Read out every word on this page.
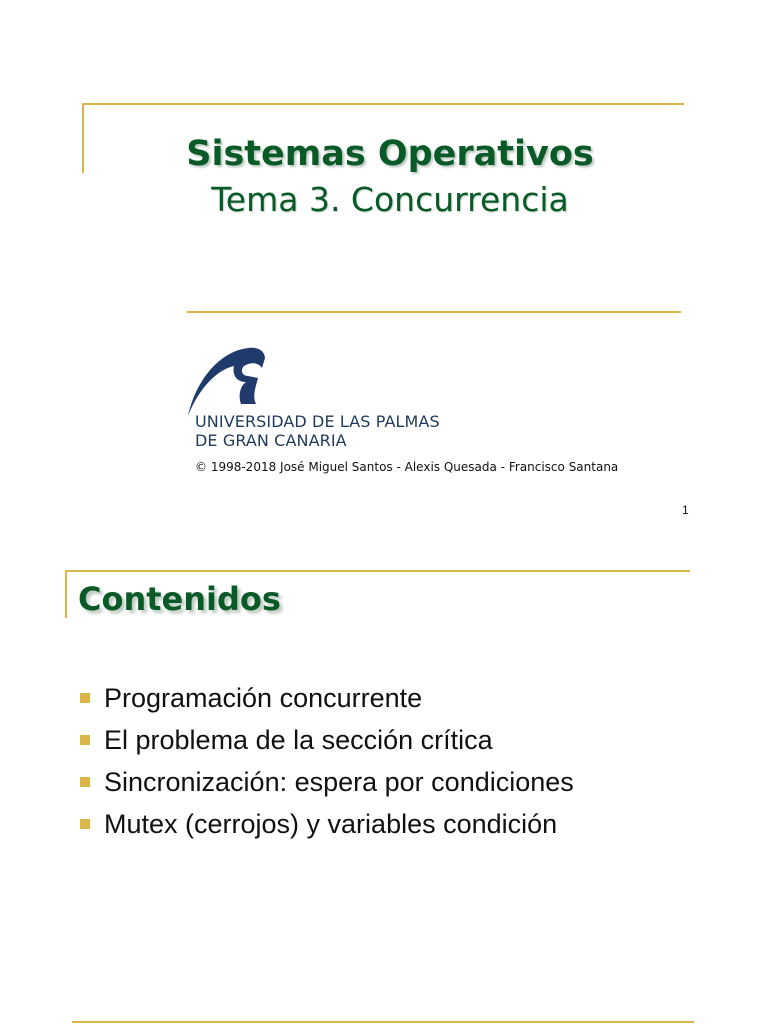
Sistemas Operativos
Tema 3. Concurrencia
UNIVERSIDAD DE LAS PALMAS
DE GRAN CANARIA
© 1998-2018 José Miguel Santos - Alexis Quesada - Francisco Santana
1
Contenidos
Programación concurrente
El problema de la sección crítica
Sincronización: espera por condiciones
Mutex (cerrojos) y variables condición
